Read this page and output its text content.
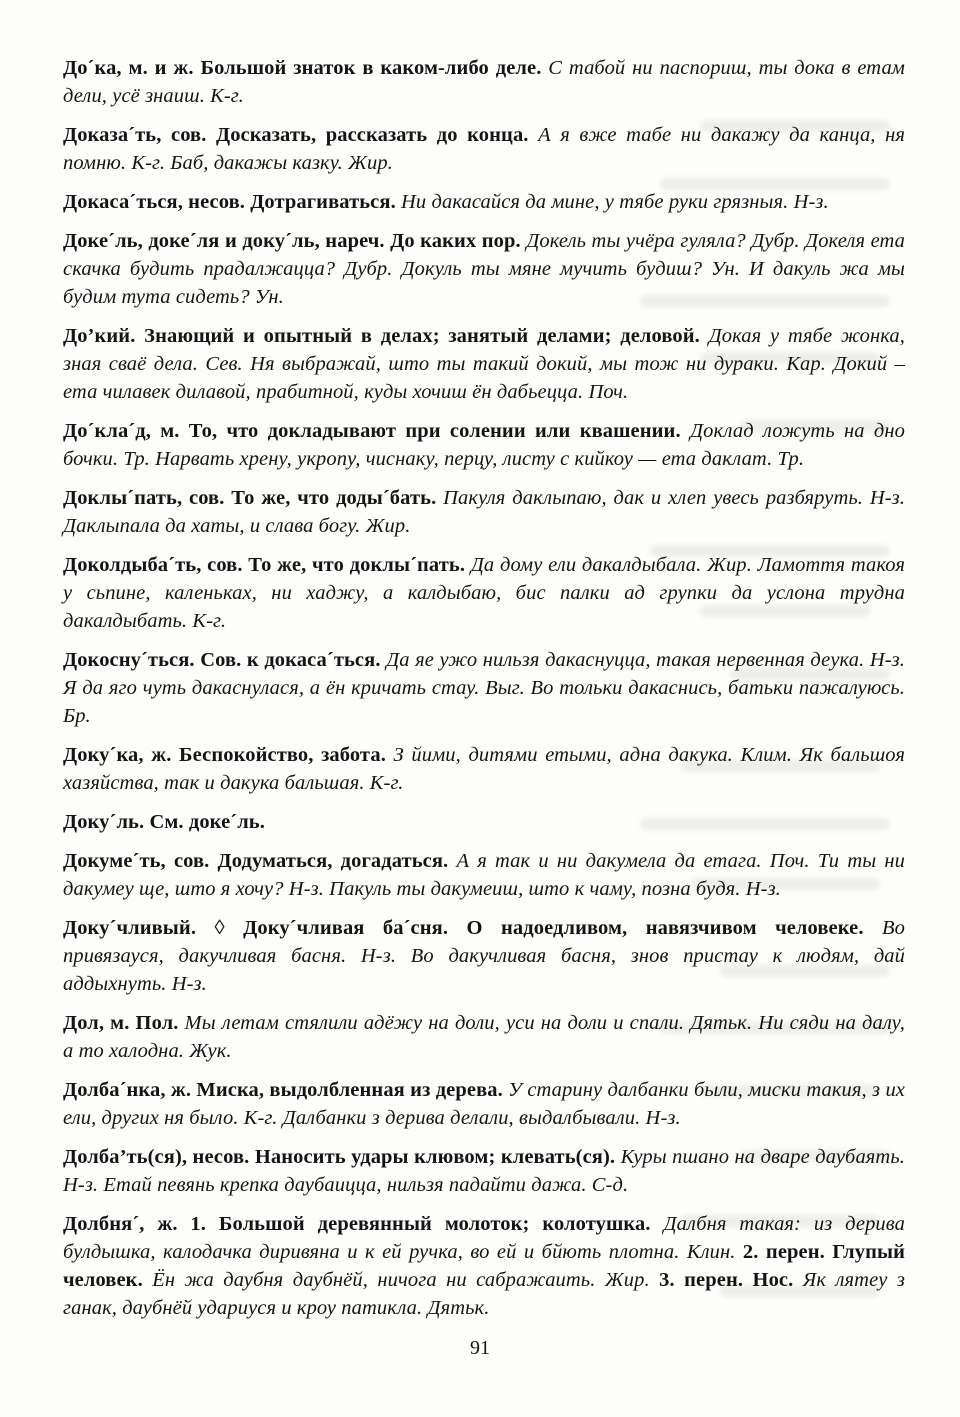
До´ка, м. и ж. Большой знаток в каком-либо деле. С табой ни паспориш, ты дока в етам дели, усё знаиш. К-г.

Доказа´ть, сов. Досказать, рассказать до конца. А я вже табе ни дакажу да канца, ня помню. К-г. Баб, дакажы казку. Жир.

Докаса´ться, несов. Дотрагиваться. Ни дакасайся да мине, у тябе руки грязныя. Н-з.

Доке´ль, доке´ля и доку´ль, нареч. До каких пор. Докель ты учёра гуляла? Дубр. Докеля ета скачка будить прадалжацца? Дубр. Докуль ты мяне мучить будиш? Ун. И дакуль жа мы будим тута сидеть? Ун.

До’кий. Знающий и опытный в делах; занятый делами; деловой. Докая у тябе жонка, зная сваё дела. Сев. Ня выбражай, што ты такий докий, мы тож ни дураки. Кар. Докий – ета чилавек дилавой, прабитной, куды хочиш ён дабьецца. Поч.

До´кла´д, м. То, что докладывают при солении или квашении. Доклад ложуть на дно бочки. Тр. Нарвать хрену, укропу, чиснаку, перцу, листу с кийкоу — ета даклат. Тр.

Доклы´пать, сов. То же, что доды´бать. Пакуля даклыпаю, дак и хлеп увесь разбяруть. Н-з. Даклыпала да хаты, и слава богу. Жир.

Доколдыба´ть, сов. То же, что доклы´пать. Да дому ели дакалдыбала. Жир. Ламоття такоя у сьпине, каленьках, ни хаджу, а калдыбаю, бис палки ад групки да услона трудна дакалдыбать. К-г.

Докосну´ться. Сов. к докаса´ться. Да яе ужо нильзя дакаснуцца, такая нервенная деука. Н-з. Я да яго чуть дакаснулася, а ён кричать стау. Выг. Во тольки дакаснись, батьки пажалуюсь. Бр.

Доку´ка, ж. Беспокойство, забота. З йими, дитями етыми, адна дакука. Клим. Як бальшоя хазяйства, так и дакука бальшая. К-г.

Доку´ль. См. доке´ль.

Докуме´ть, сов. Додуматься, догадаться. А я так и ни дакумела да етага. Поч. Ти ты ни дакумеу ще, што я хочу? Н-з. Пакуль ты дакумеиш, што к чаму, позна будя. Н-з.

Доку´чливый. ◊ Доку´чливая ба´сня. О надоедливом, навязчивом человеке. Во привязауся, дакучливая басня. Н-з. Во дакучливая басня, знов пристау к людям, дай аддыхнуть. Н-з.

Дол, м. Пол. Мы летам стялили адёжу на доли, уси на доли и спали. Дятьк. Ни сяди на далу, а то халодна. Жук.

Долба´нка, ж. Миска, выдолбленная из дерева. У старину далбанки были, миски такия, з их ели, других ня было. К-г. Далбанки з дерива делали, выдалбывали. Н-з.

Долба’ть(ся), несов. Наносить удары клювом; клевать(ся). Куры пшано на дваре даубаять. Н-з. Етай певянь крепка даубаицца, нильзя падайти дажа. С-д.

Долбня´, ж. 1. Большой деревянный молоток; колотушка. Далбня такая: из дерива булдышка, калодачка диривяна и к ей ручка, во ей и бйють плотна. Клин. 2. перен. Глупый человек. Ён жа даубня даубнёй, ничога ни сабражаить. Жир. 3. перен. Нос. Як лятеу з ганак, даубнёй удариуся и кроу патикла. Дятьк.

91
